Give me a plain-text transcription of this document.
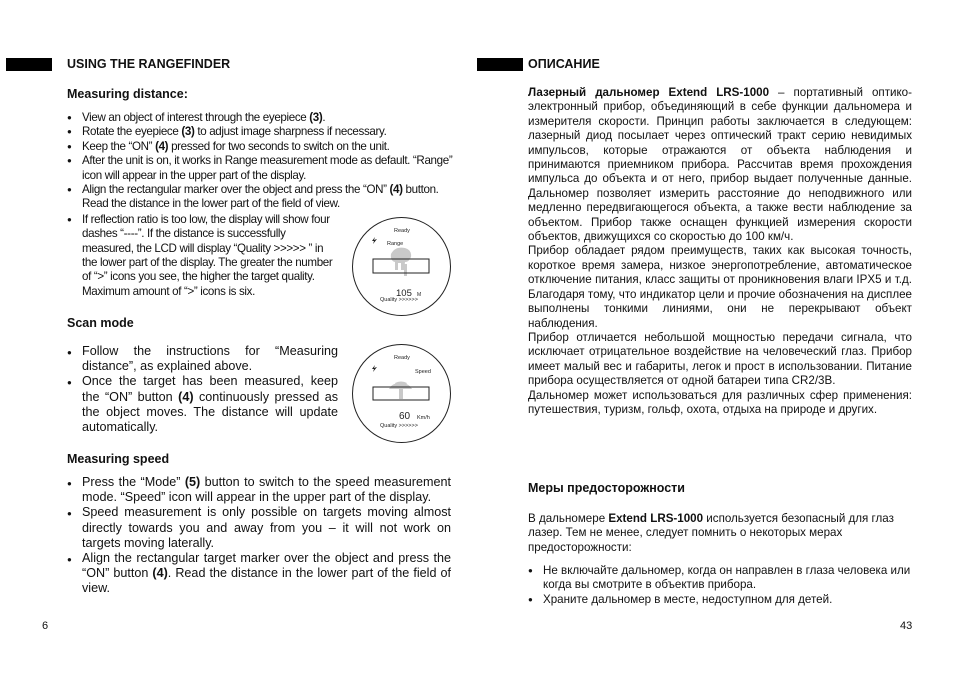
USING THE RANGEFINDER
Measuring distance:
● View an object of interest through the eyepiece (3).
● Rotate the eyepiece (3) to adjust image sharpness if necessary.
● Keep the “ON” (4) pressed for two seconds to switch on the unit.
● After the unit is on, it works in Range measurement mode as default. “Range” icon will appear in the upper part of the display.
● Align the rectangular marker over the object and press the “ON” (4) button. Read the distance in the lower part of the field of view.
● If reflection ratio is too low, the display will show four dashes “----”. If the distance is successfully measured, the LCD will display “Quality >>>>> ” in the lower part of the display. The greater the number of “>” icons you see, the higher the target quality. Maximum amount of “>” icons is six.
Ready
Range
105 M
Quality >>>>>>
Scan mode
● Follow the instructions for “Measuring distance”, as explained above.
● Once the target has been measured, keep the “ON” button (4) continuously pressed as the object moves. The distance will update automatically.
Ready
Speed
60 Km/h
Quality >>>>>>
Measuring speed
● Press the “Mode” (5) button to switch to the speed measurement mode. “Speed” icon will appear in the upper part of the display.
● Speed measurement is only possible on targets moving almost directly towards you and away from you – it will not work on targets moving laterally.
● Align the rectangular target marker over the object and press the “ON” button (4). Read the distance in the lower part of the field of view.
6
ОПИСАНИЕ
Лазерный дальномер Extend LRS-1000 – портативный оптико-электронный прибор, объединяющий в себе функции дальномера и измерителя скорости. Принцип работы заключается в следующем: лазерный диод посылает через оптический тракт серию невидимых импульсов, которые отражаются от объекта наблюдения и принимаются приемником прибора. Рассчитав время прохождения импульса до объекта и от него, прибор выдает полученные данные. Дальномер позволяет измерить расстояние до неподвижного или медленно передвигающегося объекта, а также вести наблюдение за объектом. Прибор также оснащен функцией измерения скорости объектов, движущихся со скоростью до 100 км/ч.
Прибор обладает рядом преимуществ, таких как высокая точность, короткое время замера, низкое энергопотребление, автоматическое отключение питания, класс защиты от проникновения влаги IPX5 и т.д. Благодаря тому, что индикатор цели и прочие обозначения на дисплее выполнены тонкими линиями, они не перекрывают объект наблюдения.
Прибор отличается небольшой мощностью передачи сигнала, что исключает отрицательное воздействие на человеческий глаз. Прибор имеет малый вес и габариты, легок и прост в использовании. Питание прибора осуществляется от одной батареи типа CR2/3В.
Дальномер может использоваться для различных сфер применения: путешествия, туризм, гольф, охота, отдыха на природе и других.
Меры предосторожности
В дальномере Extend LRS-1000 используется безопасный для глаз лазер. Тем не менее, следует помнить о некоторых мерах предосторожности:
● Не включайте дальномер, когда он направлен в глаза человека или когда вы смотрите в объектив прибора.
● Храните дальномер в месте, недоступном для детей.
43
